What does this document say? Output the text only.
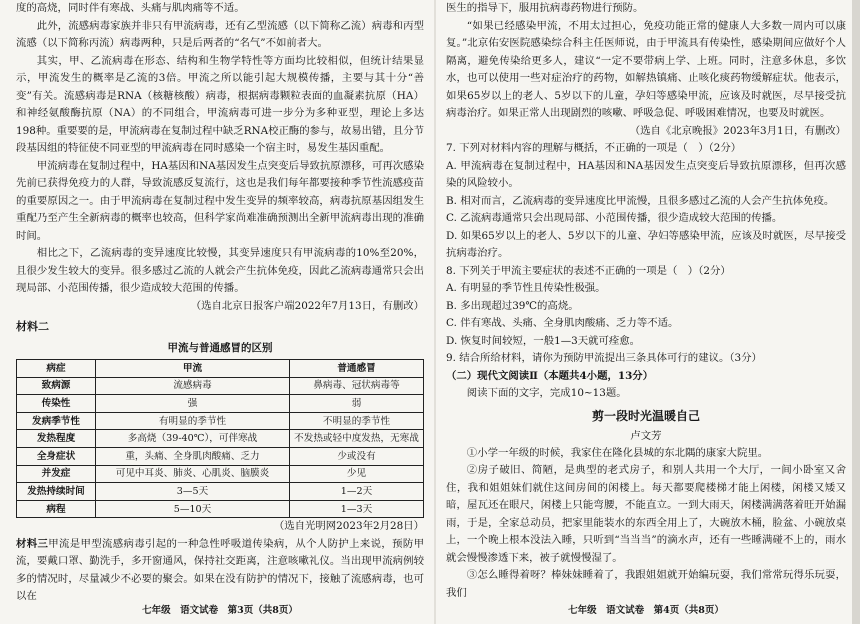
度的高烧，同时伴有寒战、头痛与肌肉痛等不适。

此外，流感病毒家族并非只有甲流病毒，还有乙型流感（以下简称乙流）病毒和丙型流感（以下简称丙流）病毒两种，只是后两者的“名气”不如前者大。

其实，甲、乙流病毒在形态、结构和生物学特性等方面均比较相似，但统计结果显示，甲流发生的概率是乙流的3倍。甲流之所以能引起大规模传播，主要与其十分“善变”有关。流感病毒是RNA（核糖核酸）病毒，根据病毒颗粒表面的血凝素抗原（HA）和神经氨酸酶抗原（NA）的不同组合，甲流病毒可进一步分为多种亚型，理论上多达198种。重要要的是，甲流病毒在复制过程中缺乏RNA校正酶的参与，故易出错，且分节段基因组的特征使不同亚型的甲流病毒在同时感染一个宿主时，易发生基因重配。

甲流病毒在复制过程中，HA基因和NA基因发生点突变后导致抗原漂移，可再次感染先前已获得免疫力的人群，导致流感反复流行，这也是我们每年都要接种季节性流感疫苗的重要原因之一。由于甲流病毒在复制过程中发生变异的频率较高，病毒抗原基因组发生重配乃至产生全新病毒的概率也较高，但科学家尚难准确预测出全新甲流病毒出现的准确时间。

相比之下，乙流病毒的变异速度比较慢，其变异速度只有甲流病毒的10%至20%，且很少发生较大的变异。很多感过乙流的人就会产生抗体免疫，因此乙流病毒通常只会出现局部、小范围传播，很少造成较大范围的传播。

（选自北京日报客户端2022年7月13日，有删改）

材料二
甲流与普通感冒的区别
病症	甲流	普通感冒
致病源	流感病毒	鼻病毒、冠状病毒等
传染性	强	弱
发病季节性	有明显的季节性	不明显的季节性
发热程度	多高烧（39-40℃），可伴寒战	不发热或轻中度发热，无寒战
全身症状	重，头痛、全身肌肉酸痛、乏力	少或没有
并发症	可见中耳炎、肺炎、心肌炎、脑膜炎	少见
发热持续时间	3—5天	1—2天
病程	5—10天	1—3天

（选自光明网2023年2月28日）

材料三甲流是甲型流感病毒引起的一种急性呼吸道传染病，从个人防护上来说，预防甲流，要戴口罩、勤洗手，多开窗通风，保持社交距离，注意咳嗽礼仪。当出现甲流病例较多的情况时，尽量减少不必要的聚会。如果在没有防护的情况下，接触了流感病毒，也可以在

七年级　语文试卷　第3页（共8页）

医生的指导下，服用抗病毒药物进行预防。

“如果已经感染甲流，不用太过担心，免疫功能正常的健康人大多数一周内可以康复。”北京佑安医院感染综合科主任医师说，由于甲流具有传染性，感染期间应做好个人隔离，避免传染给更多人，建议“一定不要带病上学、上班。同时，注意多休息，多饮水，也可以使用一些对症治疗的药物，如解热镇痛、止咳化痰药物缓解症状。他表示，如果65岁以上的老人、5岁以下的儿童，孕妇等感染甲流，应该及时就医，尽早接受抗病毒治疗。如果正常人出现剧烈的咳嗽、呼吸急促、呼吸困难情况，也要及时就医。

（选自《北京晚报》2023年3月1日，有删改）

7. 下列对材料内容的理解与概括，不正确的一项是（　）（2分）

A. 甲流病毒在复制过程中，HA基因和NA基因发生点突变后导致抗原漂移，但再次感染的风险较小。

B. 相对而言，乙流病毒的变异速度比甲流慢，且很多感过乙流的人会产生抗体免疫。

C. 乙流病毒通常只会出现局部、小范围传播，很少造成较大范围的传播。

D. 如果65岁以上的老人、5岁以下的儿童、孕妇等感染甲流，应该及时就医，尽早接受抗病毒治疗。

8. 下列关于甲流主要症状的表述不正确的一项是（　）（2分）

A. 有明显的季节性且传染性极强。

B. 多出现超过39℃的高烧。

C. 伴有寒战、头痛、全身肌肉酸痛、乏力等不适。

D. 恢复时间较短，一般1—3天就可痊愈。

9. 结合所给材料，请你为预防甲流提出三条具体可行的建议。（3分）

（二）现代文阅读Ⅱ（本题共4小题，13分）

阅读下面的文字，完成10~13题。

剪一段时光温暖自己

卢文芳

①小学一年级的时候，我家住在隆化县城的东北隅的康家大院里。

②房子破旧、简陋，是典型的老式房子，和别人共用一个大厅，一间小卧室又舍住，我和姐姐妹们就住这间房间的闲楼上。每天都要爬楼梯才能上闲楼，闲楼又矮又暗，屋瓦还在眼尺，闲楼上只能弯腰，不能直立。一到大雨天，闲楼满满落着旺开始漏雨，于是，全家总动员，把家里能装水的东西全用上了，大碗放木桶，脸盆、小碗放桌上，一个晚上根本没法入睡，只听到“当当当”的滴水声，还有一些睡满碰不上的，雨水就会慢慢渗透下来，被子就慢慢湿了。

③怎么睡得着呀？棒妹妹睡着了，我跟姐姐就开始编玩耍，我们常常玩得乐玩耍，我们

七年级　语文试卷　第4页（共8页）
